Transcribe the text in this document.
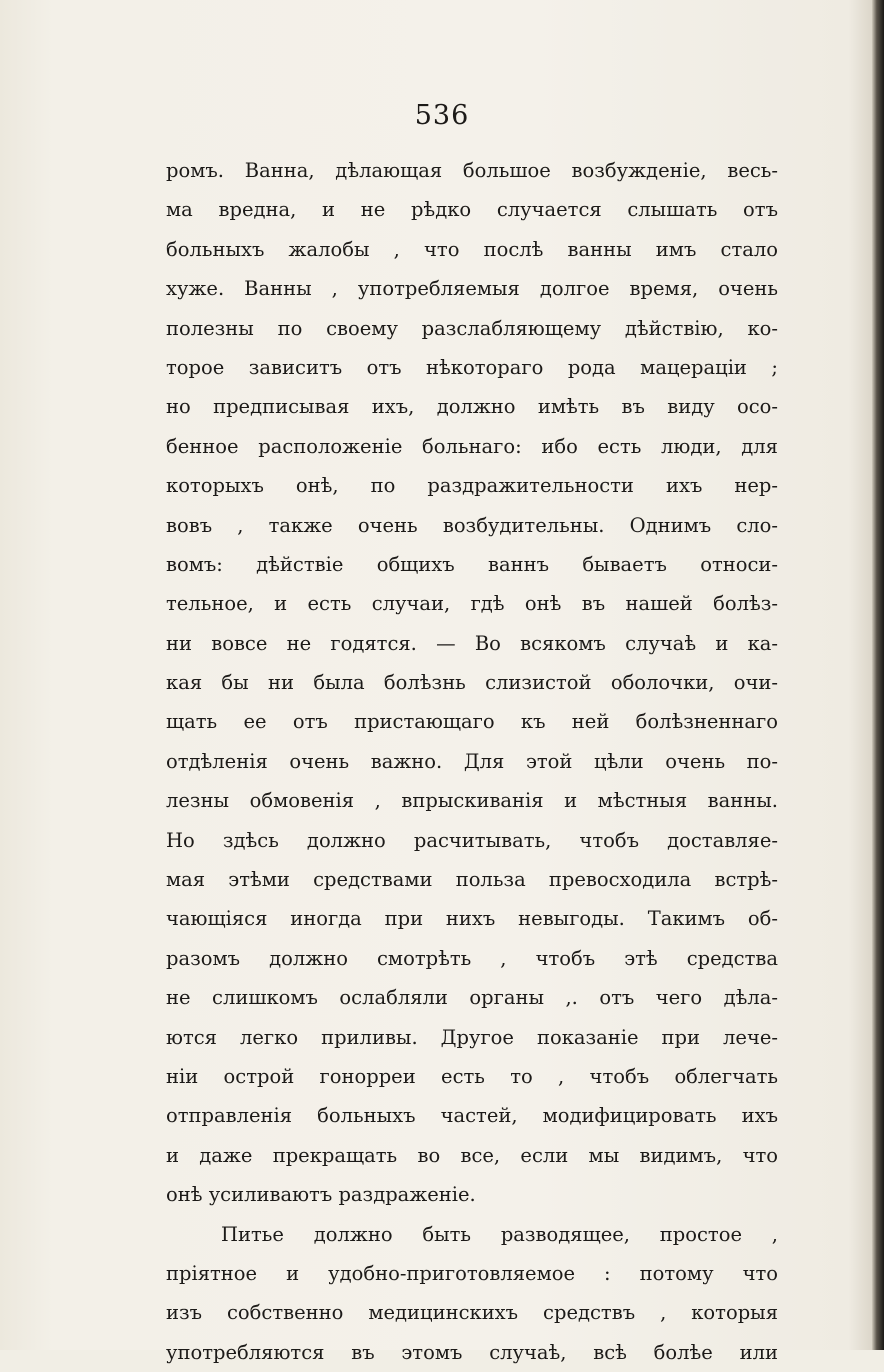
536
ромъ. Ванна, дѣлающая большое возбужденіе, весь-
ма вредна, и не рѣдко случается слышать отъ
больныхъ жалобы , что послѣ ванны имъ стало
хуже. Ванны , употребляемыя долгое время, очень
полезны по своему разслабляющему дѣйствію, ко-
торое зависитъ отъ нѣкотораго рода мацераціи ;
но предписывая ихъ, должно имѣть въ виду осо-
бенное расположеніе больнаго: ибо есть люди, для
которыхъ онѣ, по раздражительности ихъ нер-
вовъ , также очень возбудительны. Однимъ сло-
вомъ: дѣйствіе общихъ ваннъ бываетъ относи-
тельное, и есть случаи, гдѣ онѣ въ нашей болѣз-
ни вовсе не годятся. — Во всякомъ случаѣ и ка-
кая бы ни была болѣзнь слизистой оболочки, очи-
щать ее отъ пристающаго къ ней болѣзненнаго
отдѣленія очень важно. Для этой цѣли очень по-
лезны обмовенія , впрыскиванія и мѣстныя ванны.
Но здѣсь должно расчитывать, чтобъ доставляе-
мая этѣми средствами польза превосходила встрѣ-
чающіяся иногда при нихъ невыгоды. Такимъ об-
разомъ должно смотрѣть , чтобъ этѣ средства
не слишкомъ ослабляли органы ,. отъ чего дѣла-
ются легко приливы. Другое показаніе при лече-
ніи острой гонорреи есть то , чтобъ облегчать
отправленія больныхъ частей, модифицировать ихъ
и даже прекращать во все, если мы видимъ, что
онѣ усиливаютъ раздраженіе.
Питье должно быть разводящее, простое ,
пріятное и удобно-приготовляемое : потому что
изъ собственно медицинскихъ средствъ , которыя
употребляются въ этомъ случаѣ, всѣ болѣе или
